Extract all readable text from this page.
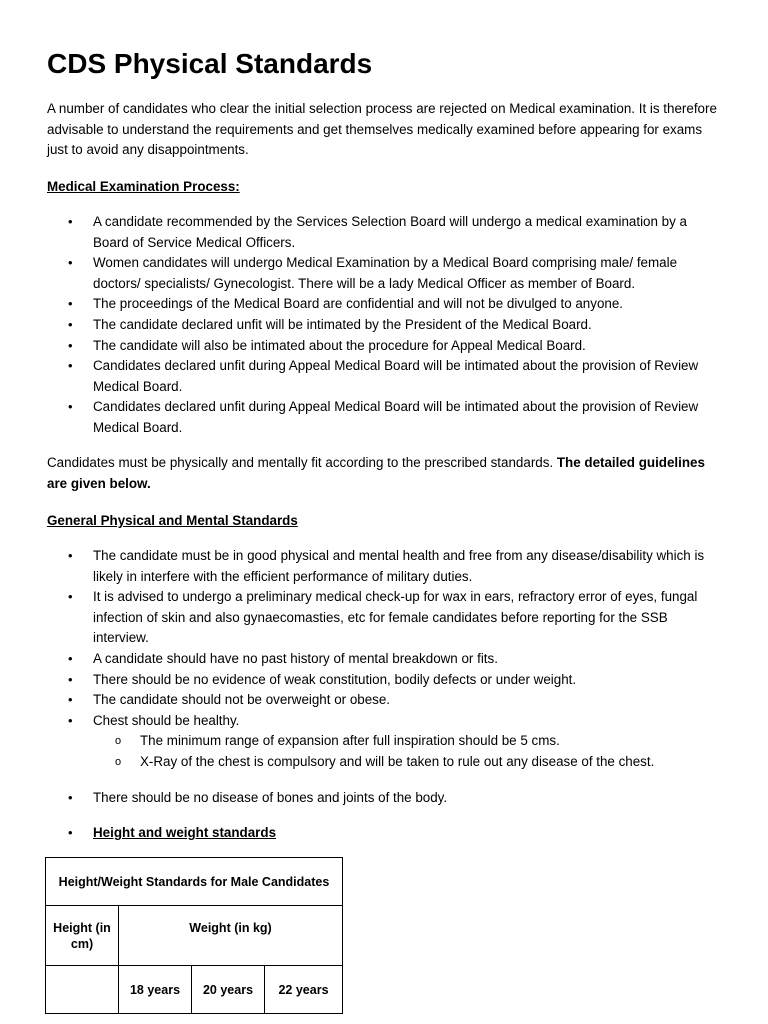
CDS Physical Standards

A number of candidates who clear the initial selection process are rejected on Medical examination. It is therefore advisable to understand the requirements and get themselves medically examined before appearing for exams just to avoid any disappointments.

Medical Examination Process:
• A candidate recommended by the Services Selection Board will undergo a medical examination by a Board of Service Medical Officers.
• Women candidates will undergo Medical Examination by a Medical Board comprising male/ female doctors/ specialists/ Gynecologist. There will be a lady Medical Officer as member of Board.
• The proceedings of the Medical Board are confidential and will not be divulged to anyone.
• The candidate declared unfit will be intimated by the President of the Medical Board.
• The candidate will also be intimated about the procedure for Appeal Medical Board.
• Candidates declared unfit during Appeal Medical Board will be intimated about the provision of Review Medical Board.
• Candidates declared unfit during Appeal Medical Board will be intimated about the provision of Review Medical Board.

Candidates must be physically and mentally fit according to the prescribed standards. The detailed guidelines are given below.

General Physical and Mental Standards
• The candidate must be in good physical and mental health and free from any disease/disability which is likely in interfere with the efficient performance of military duties.
• It is advised to undergo a preliminary medical check-up for wax in ears, refractory error of eyes, fungal infection of skin and also gynaecomasties, etc for female candidates before reporting for the SSB interview.
• A candidate should have no past history of mental breakdown or fits.
• There should be no evidence of weak constitution, bodily defects or under weight.
• The candidate should not be overweight or obese.
• Chest should be healthy.
o The minimum range of expansion after full inspiration should be 5 cms.
o X-Ray of the chest is compulsory and will be taken to rule out any disease of the chest.
• There should be no disease of bones and joints of the body.
• Height and weight standards
Height/Weight Standards for Male Candidates			
Height (in cm)	Weight (in kg)		
	18 years	20 years	22 years
